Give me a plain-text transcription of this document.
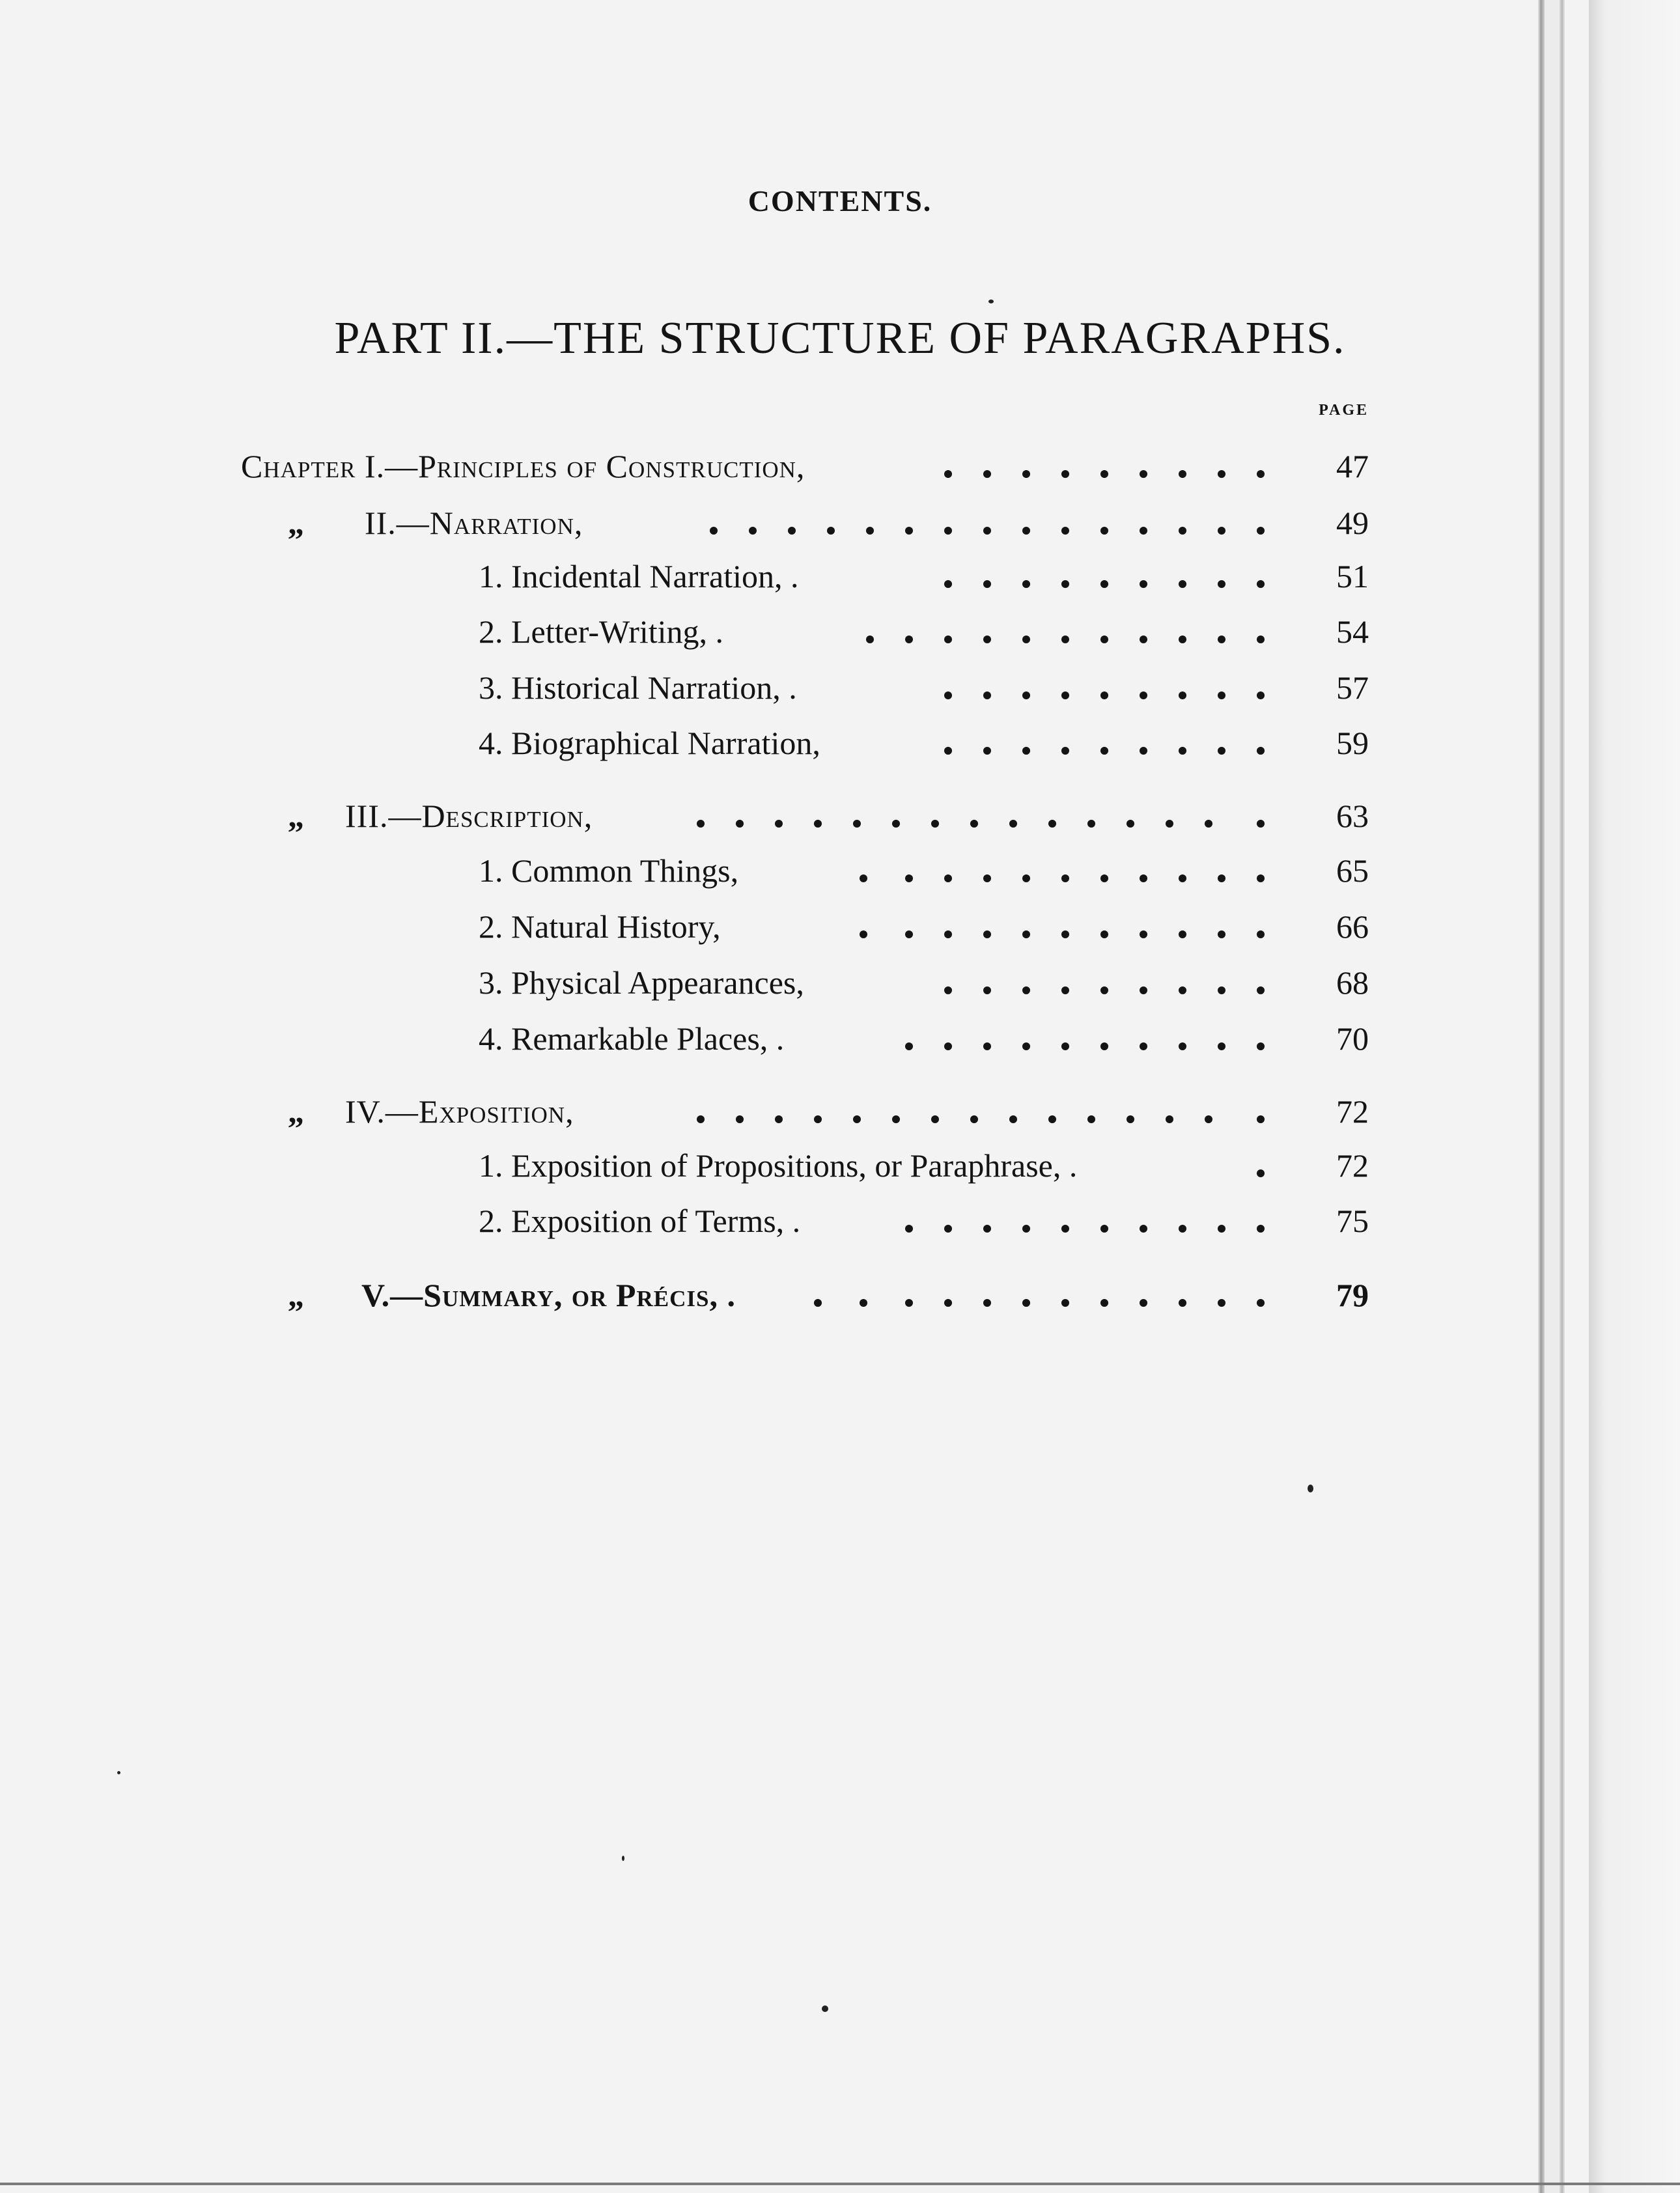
CONTENTS.
PART II.—THE STRUCTURE OF PARAGRAPHS.
PAGE
Chapter I.—Principles of Construction,	47
„ II.—Narration,	49
1. Incidental Narration, .	51
2. Letter-Writing, .	54
3. Historical Narration, .	57
4. Biographical Narration,	59
„ III.—Description,	63
1. Common Things,	65
2. Natural History,	66
3. Physical Appearances,	68
4. Remarkable Places, .	70
„ IV.—Exposition,	72
1. Exposition of Propositions, or Paraphrase, .	72
2. Exposition of Terms, .	75
„ V.—Summary, or Précis, .	79
